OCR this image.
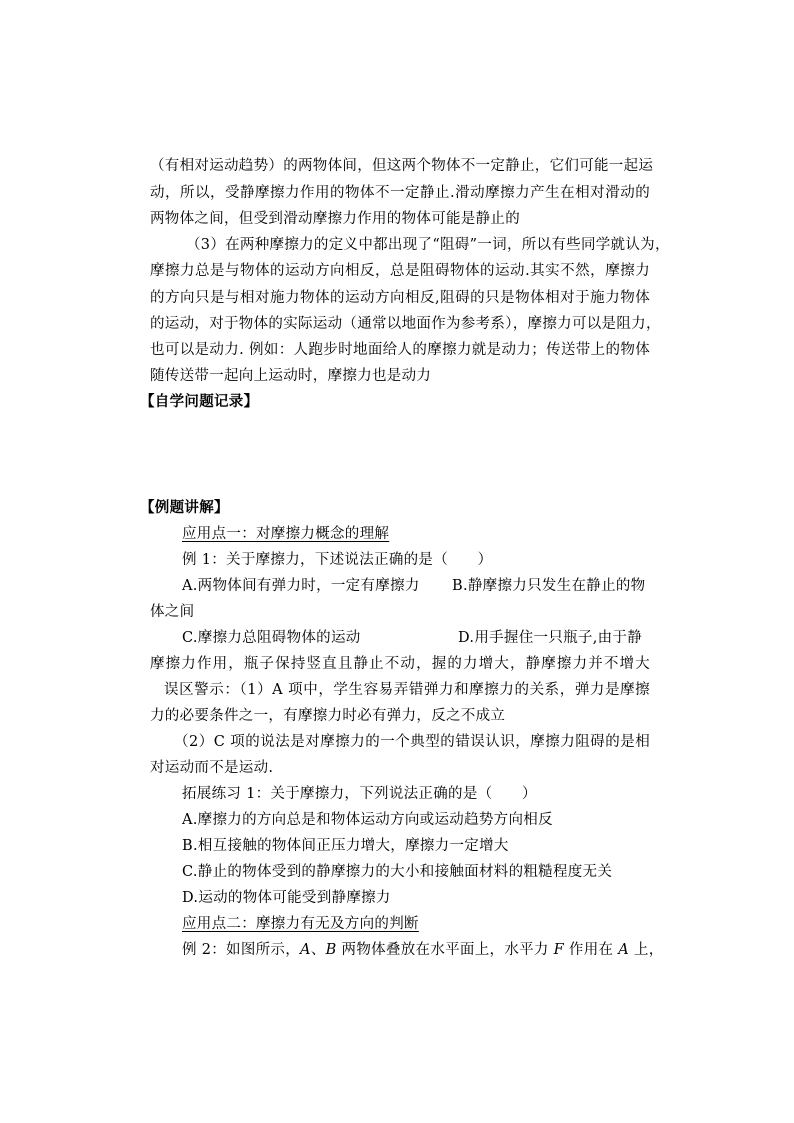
（有相对运动趋势）的两物体间，但这两个物体不一定静止，它们可能一起运
动，所以，受静摩擦力作用的物体不一定静止.滑动摩擦力产生在相对滑动的
两物体之间，但受到滑动摩擦力作用的物体可能是静止的
（3）在两种摩擦力的定义中都出现了“阻碍”一词，所以有些同学就认为，
摩擦力总是与物体的运动方向相反，总是阻碍物体的运动.其实不然，摩擦力
的方向只是与相对施力物体的运动方向相反,阻碍的只是物体相对于施力物体
的运动，对于物体的实际运动（通常以地面作为参考系），摩擦力可以是阻力，
也可以是动力. 例如：人跑步时地面给人的摩擦力就是动力；传送带上的物体
随传送带一起向上运动时，摩擦力也是动力
【自学问题记录】
【例题讲解】
应用点一：对摩擦力概念的理解
例 1：关于摩擦力，下述说法正确的是（　　）
A.两物体间有弹力时，一定有摩擦力 B.静摩擦力只发生在静止的物
体之间
C.摩擦力总阻碍物体的运动	D.用手握住一只瓶子,由于静
摩擦力作用，瓶子保持竖直且静止不动，握的力增大，静摩擦力并不增大
误区警示：（1）A 项中，学生容易弄错弹力和摩擦力的关系，弹力是摩擦
力的必要条件之一，有摩擦力时必有弹力，反之不成立
（2）C 项的说法是对摩擦力的一个典型的错误认识，摩擦力阻碍的是相
对运动而不是运动.
拓展练习 1：关于摩擦力，下列说法正确的是（　　）
A.摩擦力的方向总是和物体运动方向或运动趋势方向相反
B.相互接触的物体间正压力增大，摩擦力一定增大
C.静止的物体受到的静摩擦力的大小和接触面材料的粗糙程度无关
D.运动的物体可能受到静摩擦力
应用点二：摩擦力有无及方向的判断
例 2：如图所示，A、B 两物体叠放在水平面上，水平力 F 作用在 A 上，
